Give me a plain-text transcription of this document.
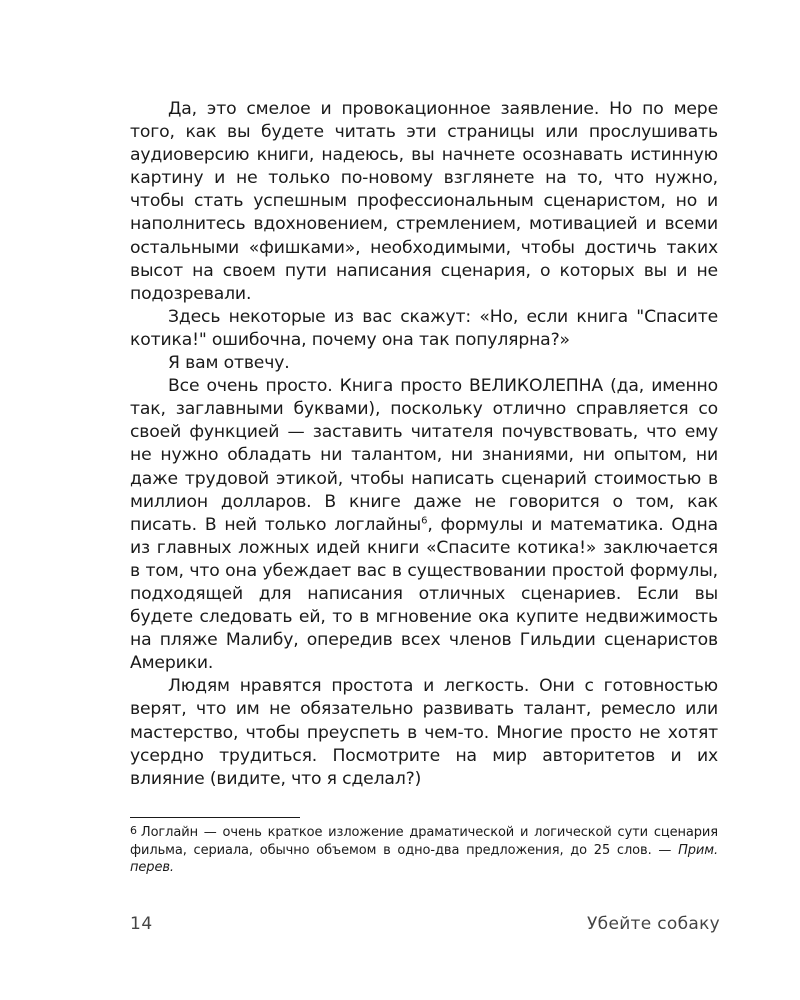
Да, это смелое и провокационное заявление. Но по мере того, как вы будете читать эти страницы или прослушивать аудиоверсию книги, надеюсь, вы начнете осознавать истинную картину и не только по-новому взглянете на то, что нужно, чтобы стать успешным профессиональным сценаристом, но и наполнитесь вдохновением, стремлением, мотивацией и всеми остальными «фишками», необходимыми, чтобы достичь таких высот на своем пути написания сценария, о которых вы и не подозревали.

Здесь некоторые из вас скажут: «Но, если книга "Спасите котика!" ошибочна, почему она так популярна?»

Я вам отвечу.

Все очень просто. Книга просто ВЕЛИКОЛЕПНА (да, именно так, заглавными буквами), поскольку отлично справляется со своей функцией — заставить читателя почувствовать, что ему не нужно обладать ни талантом, ни знаниями, ни опытом, ни даже трудовой этикой, чтобы написать сценарий стоимостью в миллион долларов. В книге даже не говорится о том, как писать. В ней только логлайны$^6$, формулы и математика. Одна из главных ложных идей книги «Спасите котика!» заключается в том, что она убеждает вас в существовании простой формулы, подходящей для написания отличных сценариев. Если вы будете следовать ей, то в мгновение ока купите недвижимость на пляже Малибу, опередив всех членов Гильдии сценаристов Америки.

Людям нравятся простота и легкость. Они с готовностью верят, что им не обязательно развивать талант, ремесло или мастерство, чтобы преуспеть в чем-то. Многие просто не хотят усердно трудиться. Посмотрите на мир авторитетов и их влияние (видите, что я сделал?)

6 Логлайн — очень краткое изложение драматической и логической сути сценария фильма, сериала, обычно объемом в одно-два предложения, до 25 слов. — Прим. перев.
14	Убейте собаку
